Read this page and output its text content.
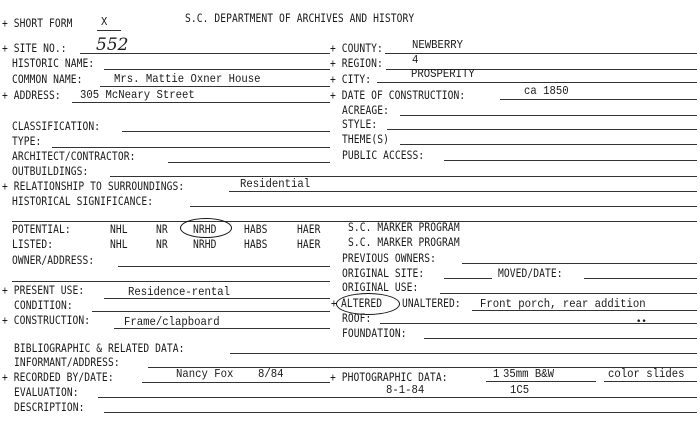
+ SHORT FORM X	S.C. DEPARTMENT OF ARCHIVES AND HISTORY
+ SITE NO.: 552
HISTORIC NAME:
COMMON NAME:	Mrs. Mattie Oxner House
+ ADDRESS: 305 McNeary Street
+ COUNTY: NEWBERRY
+ REGION: 4
+ CITY:	PROSPERITY
+ DATE OF CONSTRUCTION:	ca 1850
ACREAGE:
CLASSIFICATION:	STYLE:
TYPE:	THEME(S)
ARCHITECT/CONTRACTOR:	PUBLIC ACCESS:
OUTBUILDINGS:
+ RELATIONSHIP TO SURROUNDINGS:	Residential
HISTORICAL SIGNIFICANCE:
POTENTIAL:	NHL	NR NRHD HABS	HAER S.C. MARKER PROGRAM
LISTED:	NHL	NR NRHD HABS	HAER S.C. MARKER PROGRAM
OWNER/ADDRESS:	PREVIOUS OWNERS:
ORIGINAL SITE:	MOVED/DATE:
ORIGINAL USE:
+ PRESENT USE:	Residence-rental
CONDITION:	+ ALTERED UNALTERED: Front porch, rear addition
+ CONSTRUCTION:	Frame/clapboard	ROOF:	••
FOUNDATION:
BIBLIOGRAPHIC & RELATED DATA:
INFORMANT/ADDRESS:
+ RECORDED BY/DATE:	Nancy Fox 8/84	+ PHOTOGRAPHIC DATA:	1 35mm B&W	color slides
EVALUATION:	8-1-84	1C5
DESCRIPTION:
